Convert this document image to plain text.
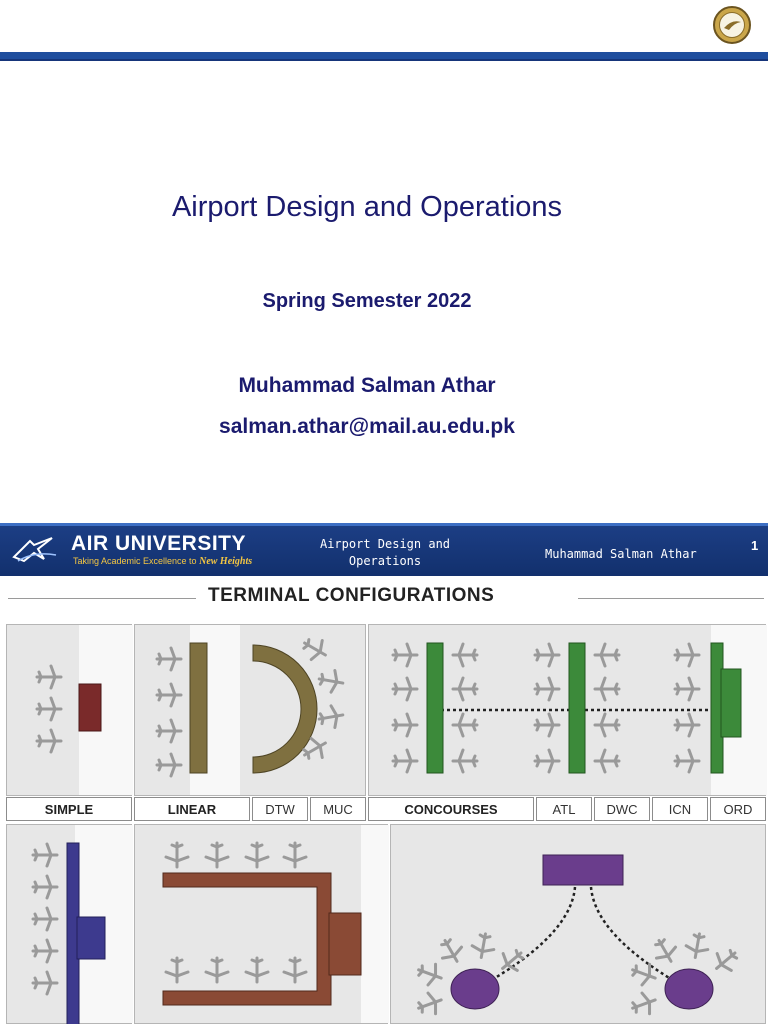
Airport Design and Operations
Spring Semester 2022
Muhammad Salman Athar
salman.athar@mail.au.edu.pk
AIR UNIVERSITY
Taking Academic Excellence to New Heights
Airport Design and
Operations	Muhammad Salman Athar
1
TERMINAL CONFIGURATIONS
SIMPLE	LINEAR	DTW	MUC	CONCOURSES	ATL	DWC	ICN	ORD
